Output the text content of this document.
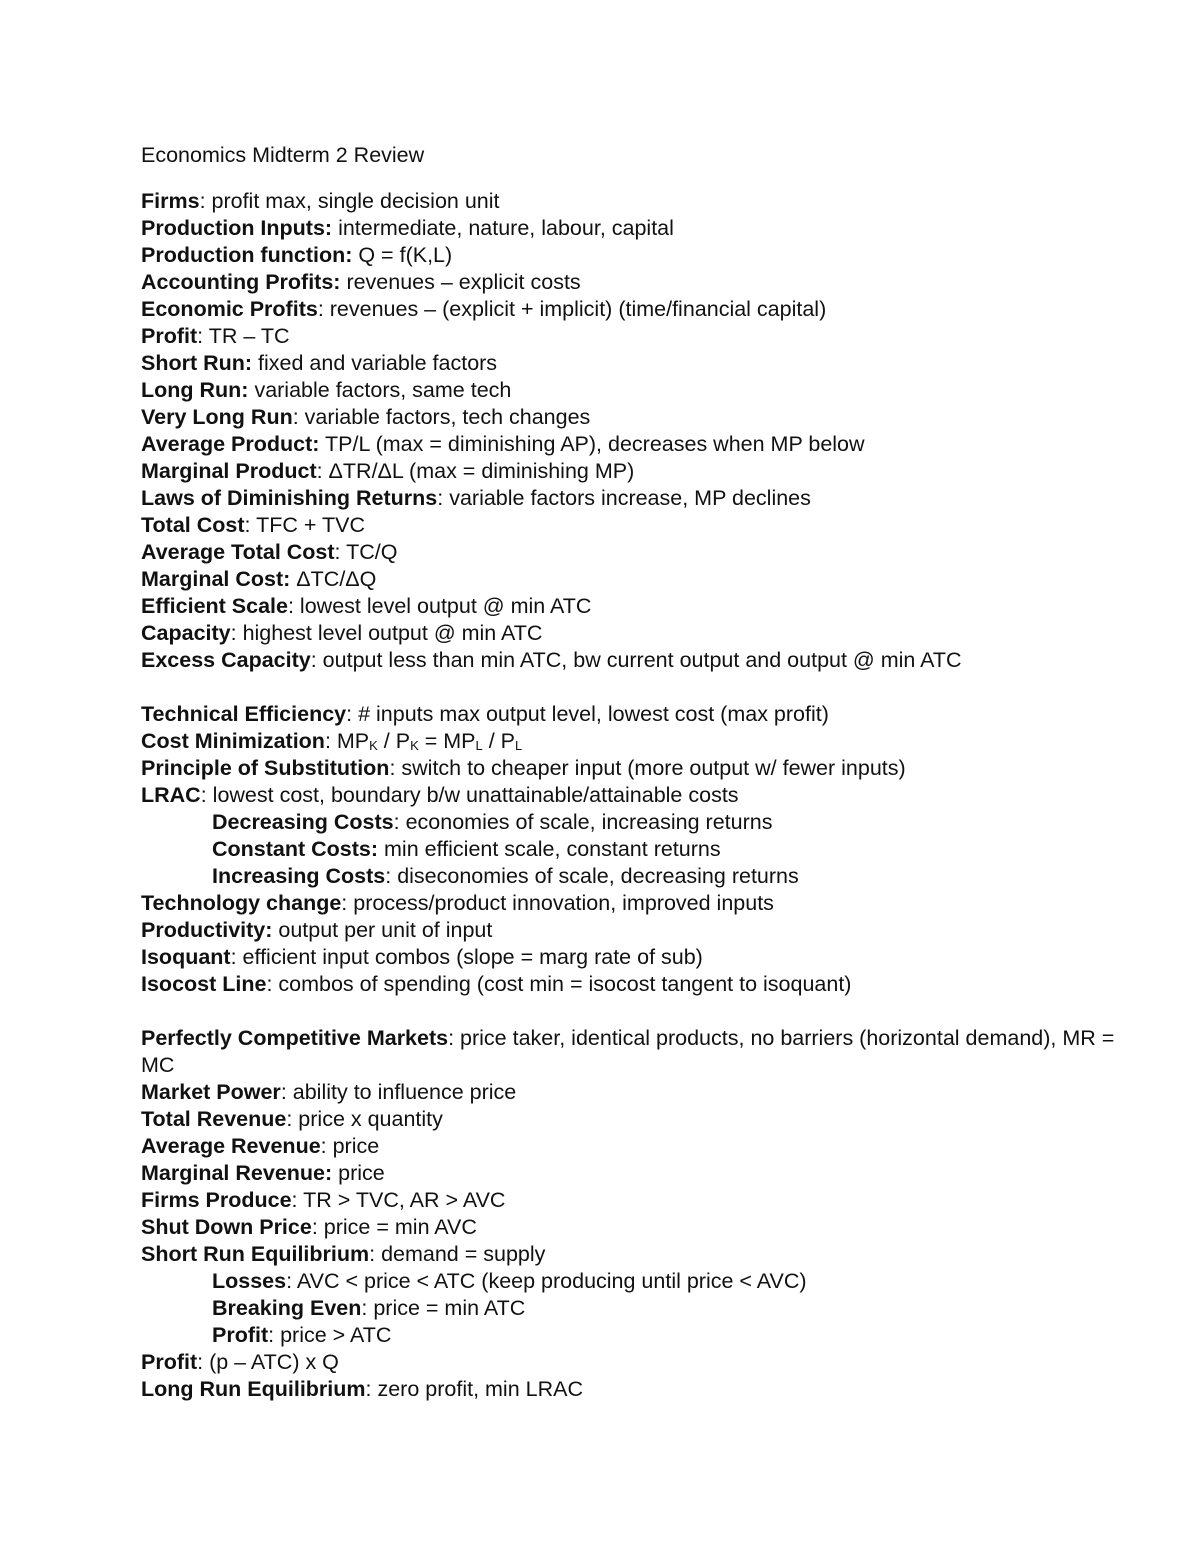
Economics Midterm 2 Review
Firms: profit max, single decision unit
Production Inputs: intermediate, nature, labour, capital
Production function: Q = f(K,L)
Accounting Profits: revenues – explicit costs
Economic Profits: revenues – (explicit + implicit) (time/financial capital)
Profit: TR – TC
Short Run: fixed and variable factors
Long Run: variable factors, same tech
Very Long Run: variable factors, tech changes
Average Product: TP/L (max = diminishing AP), decreases when MP below
Marginal Product: ΔTR/ΔL (max = diminishing MP)
Laws of Diminishing Returns: variable factors increase, MP declines
Total Cost: TFC + TVC
Average Total Cost: TC/Q
Marginal Cost: ΔTC/ΔQ
Efficient Scale: lowest level output @ min ATC
Capacity: highest level output @ min ATC
Excess Capacity: output less than min ATC, bw current output and output @ min ATC
Technical Efficiency: # inputs max output level, lowest cost (max profit)
Cost Minimization: $MP_K / P_K = MP_L / P_L$
Principle of Substitution: switch to cheaper input (more output w/ fewer inputs)
LRAC: lowest cost, boundary b/w unattainable/attainable costs
Decreasing Costs: economies of scale, increasing returns
Constant Costs: min efficient scale, constant returns
Increasing Costs: diseconomies of scale, decreasing returns
Technology change: process/product innovation, improved inputs
Productivity: output per unit of input
Isoquant: efficient input combos (slope = marg rate of sub)
Isocost Line: combos of spending (cost min = isocost tangent to isoquant)
Perfectly Competitive Markets: price taker, identical products, no barriers (horizontal demand), MR = MC
Market Power: ability to influence price
Total Revenue: price x quantity
Average Revenue: price
Marginal Revenue: price
Firms Produce: TR > TVC, AR > AVC
Shut Down Price: price = min AVC
Short Run Equilibrium: demand = supply
Losses: AVC < price < ATC (keep producing until price < AVC)
Breaking Even: price = min ATC
Profit: price > ATC
Profit: (p – ATC) x Q
Long Run Equilibrium: zero profit, min LRAC
